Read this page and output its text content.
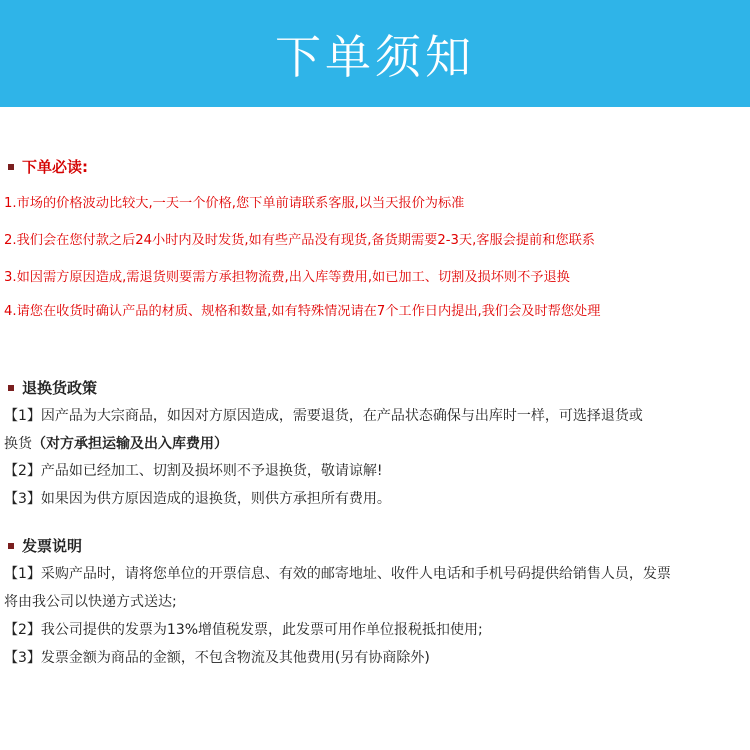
下单须知
下单必读:
1.市场的价格波动比较大,一天一个价格,您下单前请联系客服,以当天报价为标准
2.我们会在您付款之后24小时内及时发货,如有些产品没有现货,备货期需要2-3天,客服会提前和您联系
3.如因需方原因造成,需退货则要需方承担物流费,出入库等费用,如已加工、切割及损坏则不予退换
4.请您在收货时确认产品的材质、规格和数量,如有特殊情况请在7个工作日内提出,我们会及时帮您处理
退换货政策
【1】因产品为大宗商品，如因对方原因造成，需要退货，在产品状态确保与出库时一样，可选择退货或
换货（对方承担运输及出入库费用）
【2】产品如已经加工、切割及损坏则不予退换货，敬请谅解!
【3】如果因为供方原因造成的退换货，则供方承担所有费用。
发票说明
【1】采购产品时，请将您单位的开票信息、有效的邮寄地址、收件人电话和手机号码提供给销售人员，发票
将由我公司以快递方式送达;
【2】我公司提供的发票为13%增值税发票，此发票可用作单位报税抵扣使用;
【3】发票金额为商品的金额，不包含物流及其他费用(另有协商除外)
